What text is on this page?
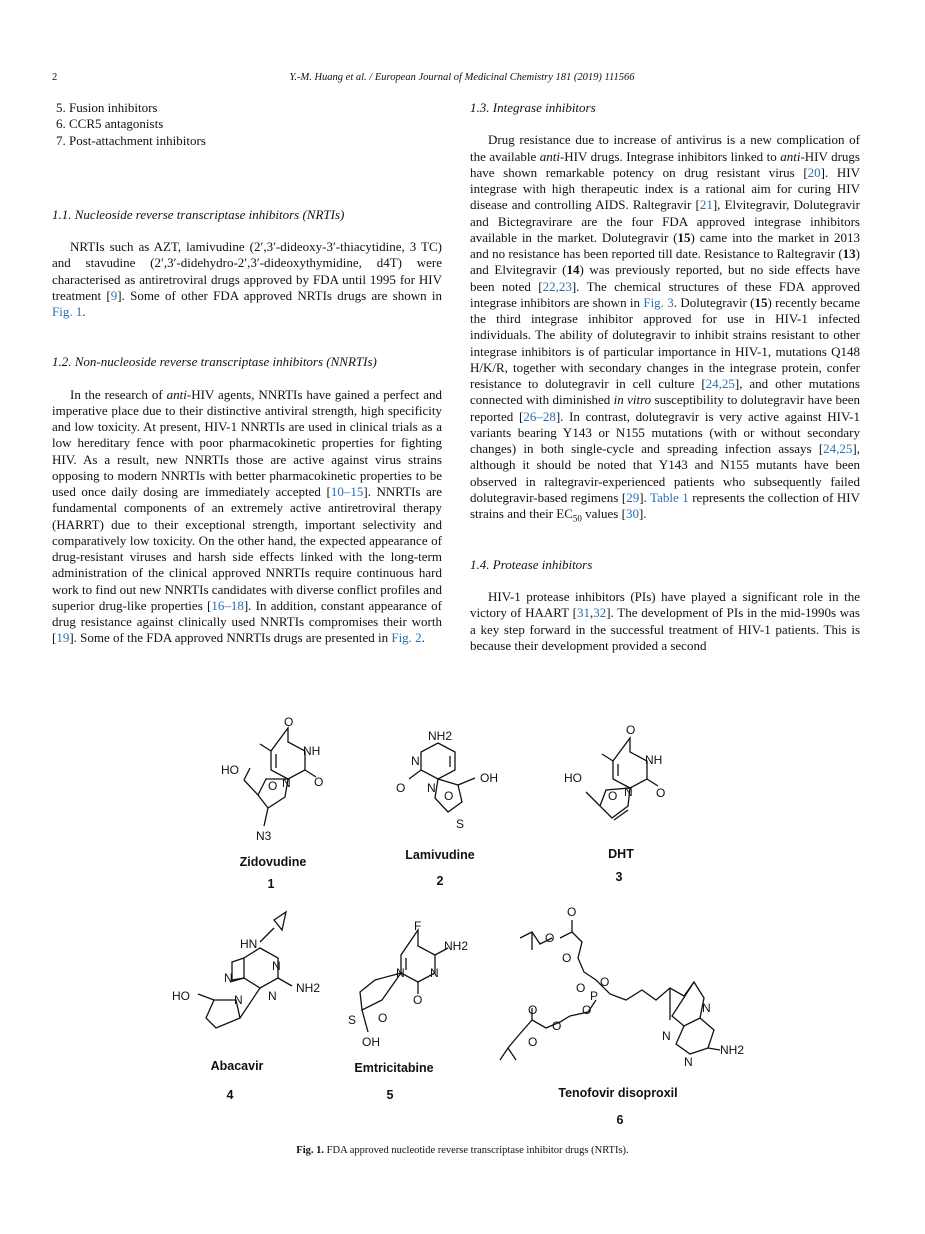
2	Y.-M. Huang et al. / European Journal of Medicinal Chemistry 181 (2019) 111566
5. Fusion inhibitors
6. CCR5 antagonists
7. Post-attachment inhibitors
1.1. Nucleoside reverse transcriptase inhibitors (NRTIs)

NRTIs such as AZT, lamivudine (2′,3′-dideoxy-3′-thiacytidine, 3 TC) and stavudine (2′,3′-didehydro-2′,3′-dideoxythymidine, d4T) were characterised as antiretroviral drugs approved by FDA until 1995 for HIV treatment [9]. Some of other FDA approved NRTIs drugs are shown in Fig. 1.

1.2. Non-nucleoside reverse transcriptase inhibitors (NNRTIs)

In the research of anti-HIV agents, NNRTIs have gained a perfect and imperative place due to their distinctive antiviral strength, high specificity and low toxicity. At present, HIV-1 NNRTIs are used in clinical trials as a low hereditary fence with poor pharmacokinetic properties for fighting HIV. As a result, new NNRTIs those are active against virus strains opposing to modern NNRTIs with better pharmacokinetic properties to be used once daily dosing are immediately accepted [10–15]. NNRTIs are fundamental components of an extremely active antiretroviral therapy (HARRT) due to their exceptional strength, important selectivity and comparatively low toxicity. On the other hand, the expected appearance of drug-resistant viruses and harsh side effects linked with the long-term administration of the clinical approved NNRTIs require continuous hard work to find out new NNRTIs candidates with diverse conflict profiles and superior drug-like properties [16–18]. In addition, constant appearance of drug resistance against clinically used NNRTIs compromises their worth [19]. Some of the FDA approved NNRTIs drugs are presented in Fig. 2.

1.3. Integrase inhibitors

Drug resistance due to increase of antivirus is a new complication of the available anti-HIV drugs. Integrase inhibitors linked to anti-HIV drugs have shown remarkable potency on drug resistant virus [20]. HIV integrase with high therapeutic index is a rational aim for curing HIV disease and controlling AIDS. Raltegravir [21], Elvitegravir, Dolutegravir and Bictegravirare are the four FDA approved integrase inhibitors available in the market. Dolutegravir (15) came into the market in 2013 and no resistance has been reported till date. Resistance to Raltegravir (13) and Elvitegravir (14) was previously reported, but no side effects have been noted [22,23]. The chemical structures of these FDA approved integrase inhibitors are shown in Fig. 3. Dolutegravir (15) recently became the third integrase inhibitor approved for use in HIV-1 infected individuals. The ability of dolutegravir to inhibit strains resistant to other integrase inhibitors is of particular importance in HIV-1, mutations Q148 H/K/R, together with secondary changes in the integrase protein, confer resistance to dolutegravir in cell culture [24,25], and other mutations connected with diminished in vitro susceptibility to dolutegravir have been reported [26–28]. In contrast, dolutegravir is very active against HIV-1 variants bearing Y143 or N155 mutations (with or without secondary changes) in both single-cycle and spreading infection assays [24,25], although it should be noted that Y143 and N155 mutants have been observed in raltegravir-experienced patients who subsequently failed dolutegravir-based regimens [29]. Table 1 represents the collection of HIV strains and their $EC_{50}$ values [30].

1.4. Protease inhibitors

HIV-1 protease inhibitors (PIs) have played a significant role in the victory of HAART [31,32]. The development of PIs in the mid-1990s was a key step forward in the successful treatment of HIV-1 patients. This is because their development provided a second

O
NH
O
N
HO
O
N3
NH2
N
O N
O
OH
S
O
NH
O
N
HO
O
HN
N
N
NH2
N
N
HO
F
NH2
N
N
O
S O
OH
O
O
O
O O
P
O
O
O
O
N
N
N
NH2
Zidovudine
1
Lamivudine
2
DHT
3
Abacavir
4
Emtricitabine
5	Tenofovir disoproxil
6
Fig. 1. FDA approved nucleotide reverse transcriptase inhibitor drugs (NRTIs).
